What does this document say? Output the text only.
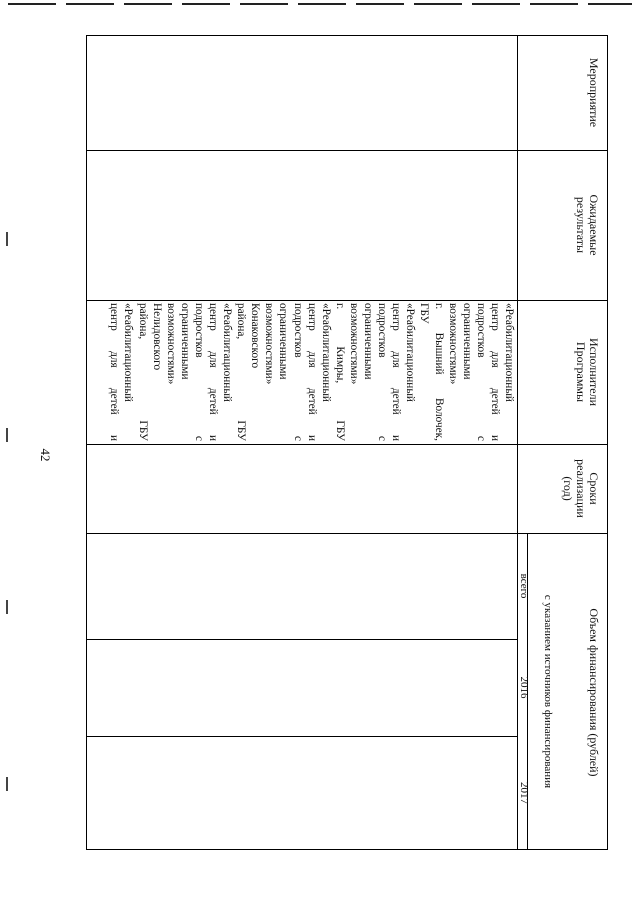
42
Мероприятие
Ожидаемые результаты
Исполнители Программы
Сроки реализации (год)
Объем финансирования (рублей)
с указанием источников финансирования
всего
2016
2017
«Реабилитационный
центр для детей и
подростков с
ограниченными
возможностями»
г. Вышний Волочек,
ГБУ
«Реабилитационный
центр для детей и
подростков с
ограниченными
возможностями»
г. Кимры, ГБУ
«Реабилитационный
центр для детей и
подростков с
ограниченными
возможностями»
Конаковского
района, ГБУ
«Реабилитационный
центр для детей и
подростков с
ограниченными
возможностями»
Нелидовского
района, ГБУ
«Реабилитационный
центр для детей и
